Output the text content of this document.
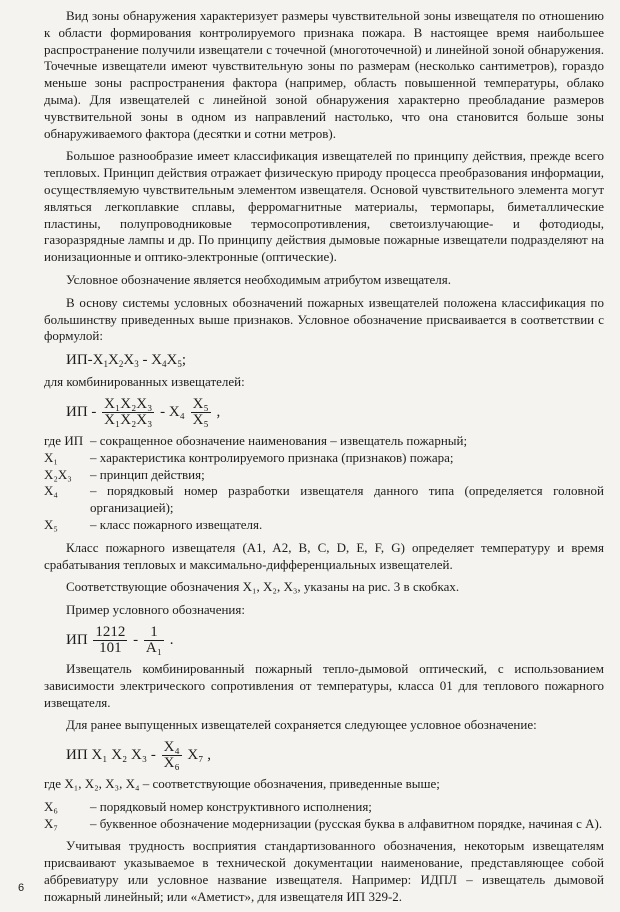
Вид зоны обнаружения характеризует размеры чувствительной зоны извещателя по отношению к области формирования контролируемого признака пожара. В настоящее время наибольшее распространение получили извещатели с точечной (многоточечной) и линейной зоной обнаружения. Точечные извещатели имеют чувствительную зоны по размерам (несколько сантиметров), гораздо меньше зоны распространения фактора (например, область повышенной температуры, облако дыма). Для извещателей с линейной зоной обнаружения характерно преобладание размеров чувствительной зоны в одном из направлений настолько, что она становится больше зоны обнаруживаемого фактора (десятки и сотни метров).

Большое разнообразие имеет классификация извещателей по принципу действия, прежде всего тепловых. Принцип действия отражает физическую природу процесса преобразования информации, осуществляемую чувствительным элементом извещателя. Основой чувствительного элемента могут являться легкоплавкие сплавы, ферромагнитные материалы, термопары, биметаллические пластины, полупроводниковые термосопротивления, светоизлучающие- и фотодиоды, газоразрядные лампы и др. По принципу действия дымовые пожарные извещатели подразделяют на ионизационные и оптико-электронные (оптические).

Условное обозначение является необходимым атрибутом извещателя.

В основу системы условных обозначений пожарных извещателей положена классификация по большинству приведенных выше признаков. Условное обозначение присваивается в соответствии с формулой:

$ИП-Х_1Х_2Х_3 - Х_4Х_5$;

для комбинированных извещателей:

ИП - $\frac{\text{Х₁Х₂Х₃}}{\text{Х₁Х₂Х₃}} - Х_4 \frac{\text{Х₅}}{\text{Х₅}}$ ,
где ИП – сокращенное обозначение наименования – извещатель пожарный;
Х₁	– характеристика контролируемого признака (признаков) пожара;
Х₂Х₃	– принцип действия;
Х₄	– порядковый номер разработки извещателя данного типа (определяется головной организацией);
Х₅	– класс пожарного извещателя.

Класс пожарного извещателя (A1, A2, B, C, D, E, F, G) определяет температуру и время срабатывания тепловых и максимально-дифференциальных извещателей.

Соответствующие обозначения Х₁, Х₂, Х₃, указаны на рис. 3 в скобках.

Пример условного обозначения:

ИП $\frac{1212}{101} - \frac{1}{\text{А₁}}$ .

Извещатель комбинированный пожарный тепло-дымовой оптический, с использованием зависимости электрического сопротивления от температуры, класса 01 для теплового пожарного извещателя.

Для ранее выпущенных извещателей сохраняется следующее условное обозначение:

ИП Х₁ Х₂ $Х_3 - \frac{\text{Х₄}}{\text{Х₆}} Х_7$ ,

где Х₁, Х₂, Х₃, Х₄ – соответствующие обозначения, приведенные выше;

Х₆	– порядковый номер конструктивного исполнения;
Х₇	– буквенное обозначение модернизации (русская буква в алфавитном порядке, начиная с А).

Учитывая трудность восприятия стандартизованного обозначения, некоторым извещателям присваивают указываемое в технической документации наименование, представляющее собой аббревиатуру или условное название извещателя. Например: ИДПЛ – извещатель дымовой пожарный линейный; или «Аметист», для извещателя ИП 329-2.

6
